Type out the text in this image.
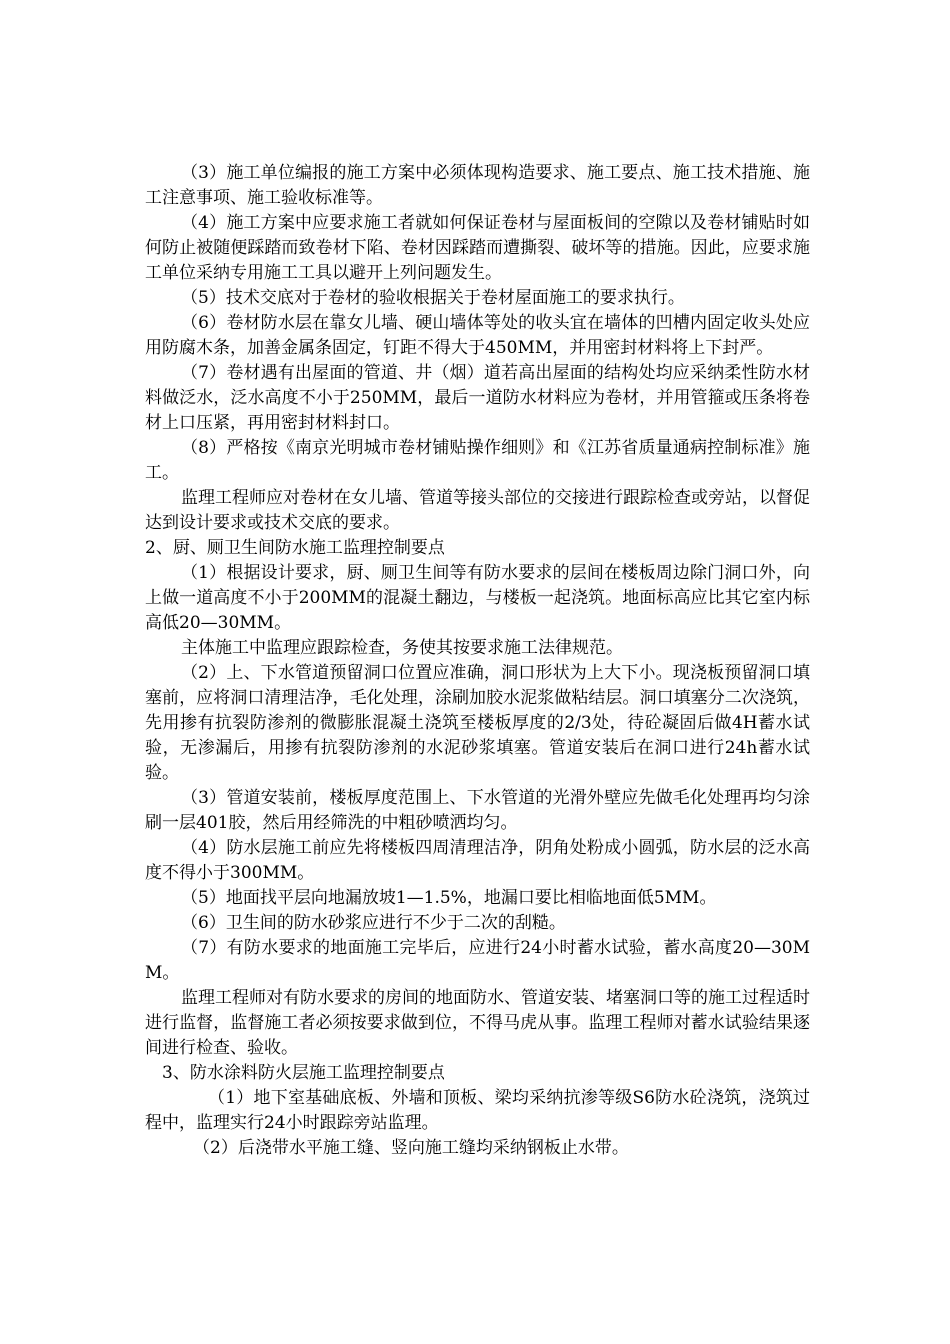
（3）施工单位编报的施工方案中必须体现构造要求、施工要点、施工技术措施、施工注意事项、施工验收标准等。

（4）施工方案中应要求施工者就如何保证卷材与屋面板间的空隙以及卷材铺贴时如何防止被随便踩踏而致卷材下陷、卷材因踩踏而遭撕裂、破坏等的措施。因此，应要求施工单位采纳专用施工工具以避开上列问题发生。

（5）技术交底对于卷材的验收根据关于卷材屋面施工的要求执行。

（6）卷材防水层在靠女儿墙、硬山墙体等处的收头宜在墙体的凹槽内固定收头处应用防腐木条，加善金属条固定，钉距不得大于450MM，并用密封材料将上下封严。

（7）卷材遇有出屋面的管道、井（烟）道若高出屋面的结构处均应采纳柔性防水材料做泛水，泛水高度不小于250MM，最后一道防水材料应为卷材，并用管箍或压条将卷材上口压紧，再用密封材料封口。

（8）严格按《南京光明城市卷材铺贴操作细则》和《江苏省质量通病控制标准》施工。

监理工程师应对卷材在女儿墙、管道等接头部位的交接进行跟踪检查或旁站，以督促达到设计要求或技术交底的要求。

2、厨、厕卫生间防水施工监理控制要点

（1）根据设计要求，厨、厕卫生间等有防水要求的层间在楼板周边除门洞口外，向上做一道高度不小于200MM的混凝土翻边，与楼板一起浇筑。地面标高应比其它室内标高低20—30MM。

主体施工中监理应跟踪检查，务使其按要求施工法律规范。

（2）上、下水管道预留洞口位置应准确，洞口形状为上大下小。现浇板预留洞口填塞前，应将洞口清理洁净，毛化处理，涂刷加胶水泥浆做粘结层。洞口填塞分二次浇筑，先用掺有抗裂防渗剂的微膨胀混凝土浇筑至楼板厚度的2/3处，待砼凝固后做4H蓄水试验，无渗漏后，用掺有抗裂防渗剂的水泥砂浆填塞。管道安装后在洞口进行24h蓄水试验。

（3）管道安装前，楼板厚度范围上、下水管道的光滑外壁应先做毛化处理再均匀涂刷一层401胶，然后用经筛洗的中粗砂喷洒均匀。

（4）防水层施工前应先将楼板四周清理洁净，阴角处粉成小圆弧，防水层的泛水高度不得小于300MM。

（5）地面找平层向地漏放坡1—1.5%，地漏口要比相临地面低5MM。

（6）卫生间的防水砂浆应进行不少于二次的刮糙。

（7）有防水要求的地面施工完毕后，应进行24小时蓄水试验，蓄水高度20—30MM。

监理工程师对有防水要求的房间的地面防水、管道安装、堵塞洞口等的施工过程适时进行监督，监督施工者必须按要求做到位，不得马虎从事。监理工程师对蓄水试验结果逐间进行检查、验收。

3、防水涂料防火层施工监理控制要点

（1）地下室基础底板、外墙和顶板、梁均采纳抗渗等级S6防水砼浇筑，浇筑过程中，监理实行24小时跟踪旁站监理。

（2）后浇带水平施工缝、竖向施工缝均采纳钢板止水带。
